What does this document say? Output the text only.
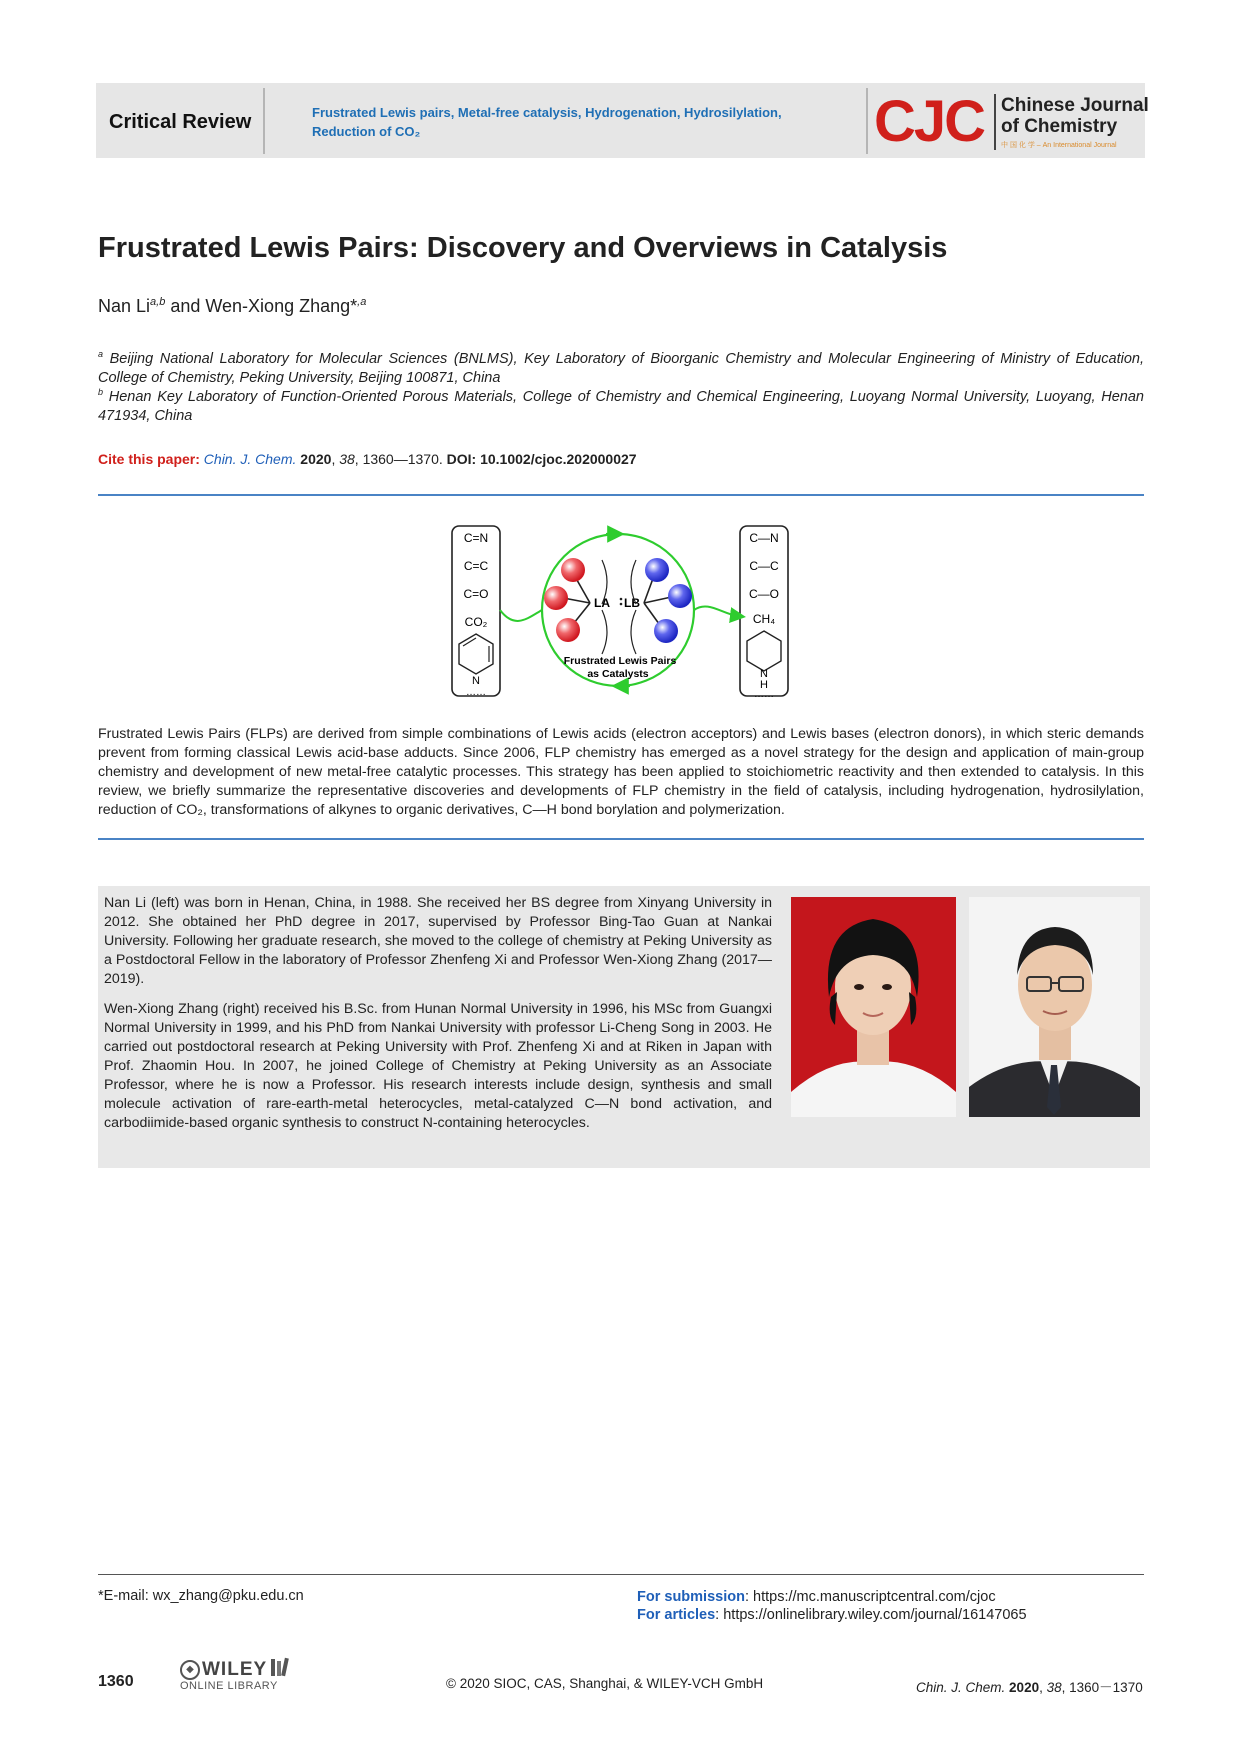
Critical Review	Frustrated Lewis pairs, Metal-free catalysis, Hydrogenation, Hydrosilylation,
Reduction of CO₂	CJC Chinese Journal
of Chemistry
中 国 化 学 – An International Journal
Frustrated Lewis Pairs: Discovery and Overviews in Catalysis
Nan Li$^{a,b}$ and Wen-Xiong Zhang*$^{,a}$
$^a$ Beijing National Laboratory for Molecular Sciences (BNLMS), Key Laboratory of Bioorganic Chemistry and Molecular Engineering of Ministry of Education, College of Chemistry, Peking University, Beijing 100871, China
$^b$ Henan Key Laboratory of Function-Oriented Porous Materials, College of Chemistry and Chemical Engineering, Luoyang Normal University, Luoyang, Henan 471934, China
Cite this paper: Chin. J. Chem. 2020, 38, 1360—1370. DOI: 10.1002/cjoc.202000027
C=N
C=C
C=O
CO₂
N
……
C—N
C—C
C—O
CH₄
N
H
……
LA LB
Frustrated Lewis Pairs
as Catalysts
Frustrated Lewis Pairs (FLPs) are derived from simple combinations of Lewis acids (electron acceptors) and Lewis bases (electron donors), in which steric demands prevent from forming classical Lewis acid-base adducts. Since 2006, FLP chemistry has emerged as a novel strategy for the design and application of main-group chemistry and development of new metal-free catalytic processes. This strategy has been applied to stoichiometric reactivity and then extended to catalysis. In this review, we briefly summarize the representative discoveries and developments of FLP chemistry in the field of catalysis, including hydrogenation, hydrosilylation, reduction of CO₂, transformations of alkynes to organic derivatives, C—H bond borylation and polymerization.
Nan Li (left) was born in Henan, China, in 1988. She received her BS degree from Xinyang University in 2012. She obtained her PhD degree in 2017, supervised by Professor Bing-Tao Guan at Nankai University. Following her graduate research, she moved to the college of chemistry at Peking University as a Postdoctoral Fellow in the laboratory of Professor Zhenfeng Xi and Professor Wen-Xiong Zhang (2017—2019).
Wen-Xiong Zhang (right) received his B.Sc. from Hunan Normal University in 1996, his MSc from Guangxi Normal University in 1999, and his PhD from Nankai University with professor Li-Cheng Song in 2003. He carried out postdoctoral research at Peking University with Prof. Zhenfeng Xi and at Riken in Japan with Prof. Zhaomin Hou. In 2007, he joined College of Chemistry at Peking University as an Associate Professor, where he is now a Professor. His research interests include design, synthesis and small molecule activation of rare-earth-metal heterocycles, metal-catalyzed C—N bond activation, and carbodiimide-based organic synthesis to construct N-containing heterocycles.
*E-mail: wx_zhang@pku.edu.cn	For submission: https://mc.manuscriptcentral.com/cjoc
For articles: https://onlinelibrary.wiley.com/journal/16147065
1360
◆ WILEY
ONLINE LIBRARY	© 2020 SIOC, CAS, Shanghai, & WILEY-VCH GmbH	Chin. J. Chem. 2020, 38, 1360－1370
